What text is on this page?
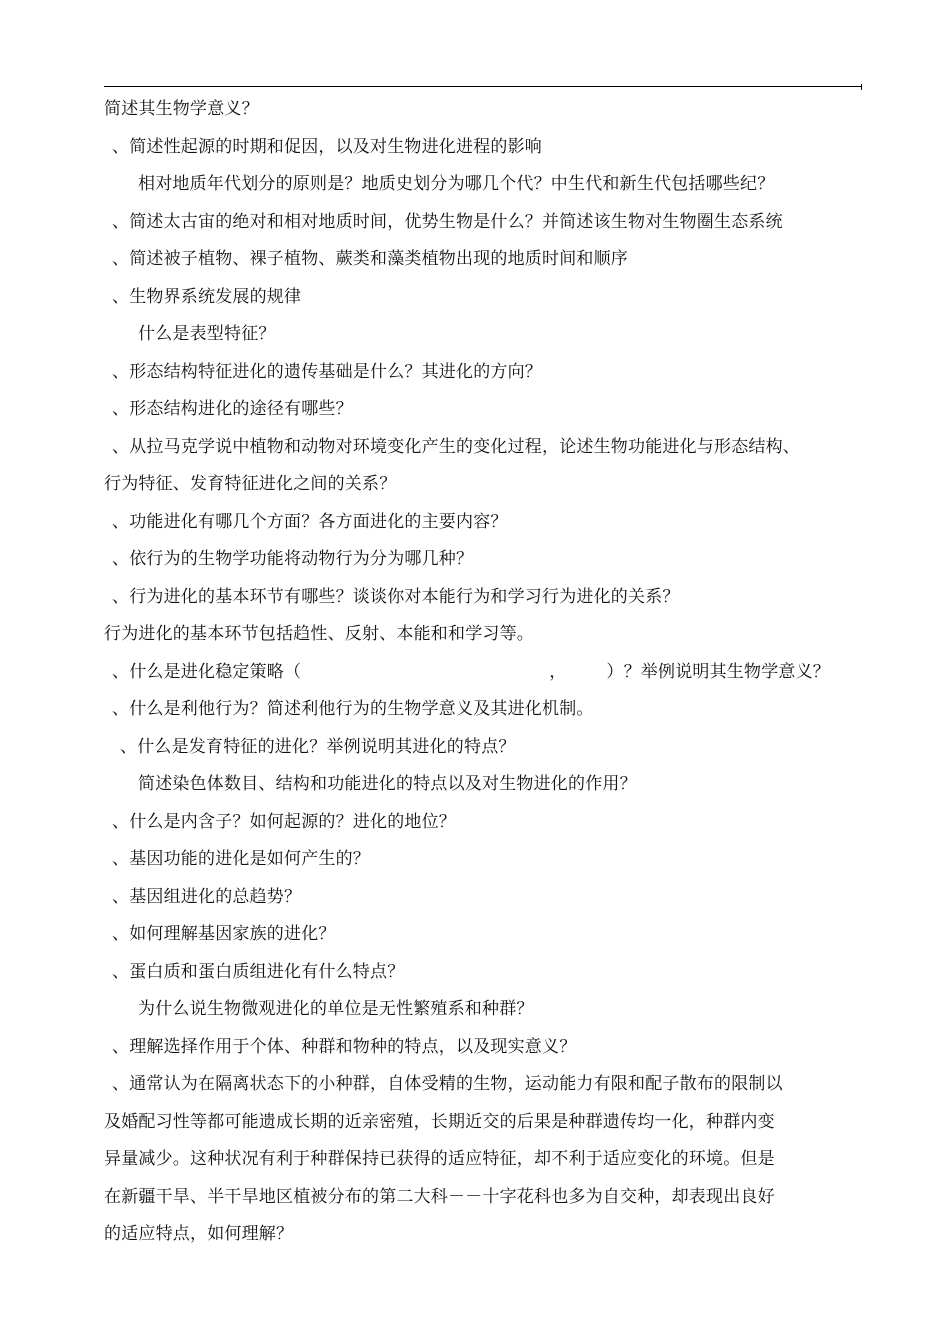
简述其生物学意义？
、简述性起源的时期和促因，以及对生物进化进程的影响
相对地质年代划分的原则是？地质史划分为哪几个代？中生代和新生代包括哪些纪？
、简述太古宙的绝对和相对地质时间，优势生物是什么？并简述该生物对生物圈生态系统
、简述被子植物、裸子植物、蕨类和藻类植物出现的地质时间和顺序
、生物界系统发展的规律
什么是表型特征？
、形态结构特征进化的遗传基础是什么？其进化的方向？
、形态结构进化的途径有哪些？
、从拉马克学说中植物和动物对环境变化产生的变化过程，论述生物功能进化与形态结构、
行为特征、发育特征进化之间的关系？
、功能进化有哪几个方面？各方面进化的主要内容？
、依行为的生物学功能将动物行为分为哪几种？
、行为进化的基本环节有哪些？谈谈你对本能行为和学习行为进化的关系？
行为进化的基本环节包括趋性、反射、本能和和学习等。
、什么是进化稳定策略（	， ）？举例说明其生物学意义？
、什么是利他行为？简述利他行为的生物学意义及其进化机制。
、什么是发育特征的进化？举例说明其进化的特点？
简述染色体数目、结构和功能进化的特点以及对生物进化的作用？
、什么是内含子？如何起源的？进化的地位？
、基因功能的进化是如何产生的？
、基因组进化的总趋势？
、如何理解基因家族的进化？
、蛋白质和蛋白质组进化有什么特点？
为什么说生物微观进化的单位是无性繁殖系和种群？
、理解选择作用于个体、种群和物种的特点，以及现实意义？
、通常认为在隔离状态下的小种群，自体受精的生物，运动能力有限和配子散布的限制以
及婚配习性等都可能遗成长期的近亲密殖，长期近交的后果是种群遗传均一化，种群内变
异量减少。这种状况有利于种群保持已获得的适应特征，却不利于适应变化的环境。但是
在新疆干旱、半干旱地区植被分布的第二大科－－十字花科也多为自交种，却表现出良好
的适应特点，如何理解？
